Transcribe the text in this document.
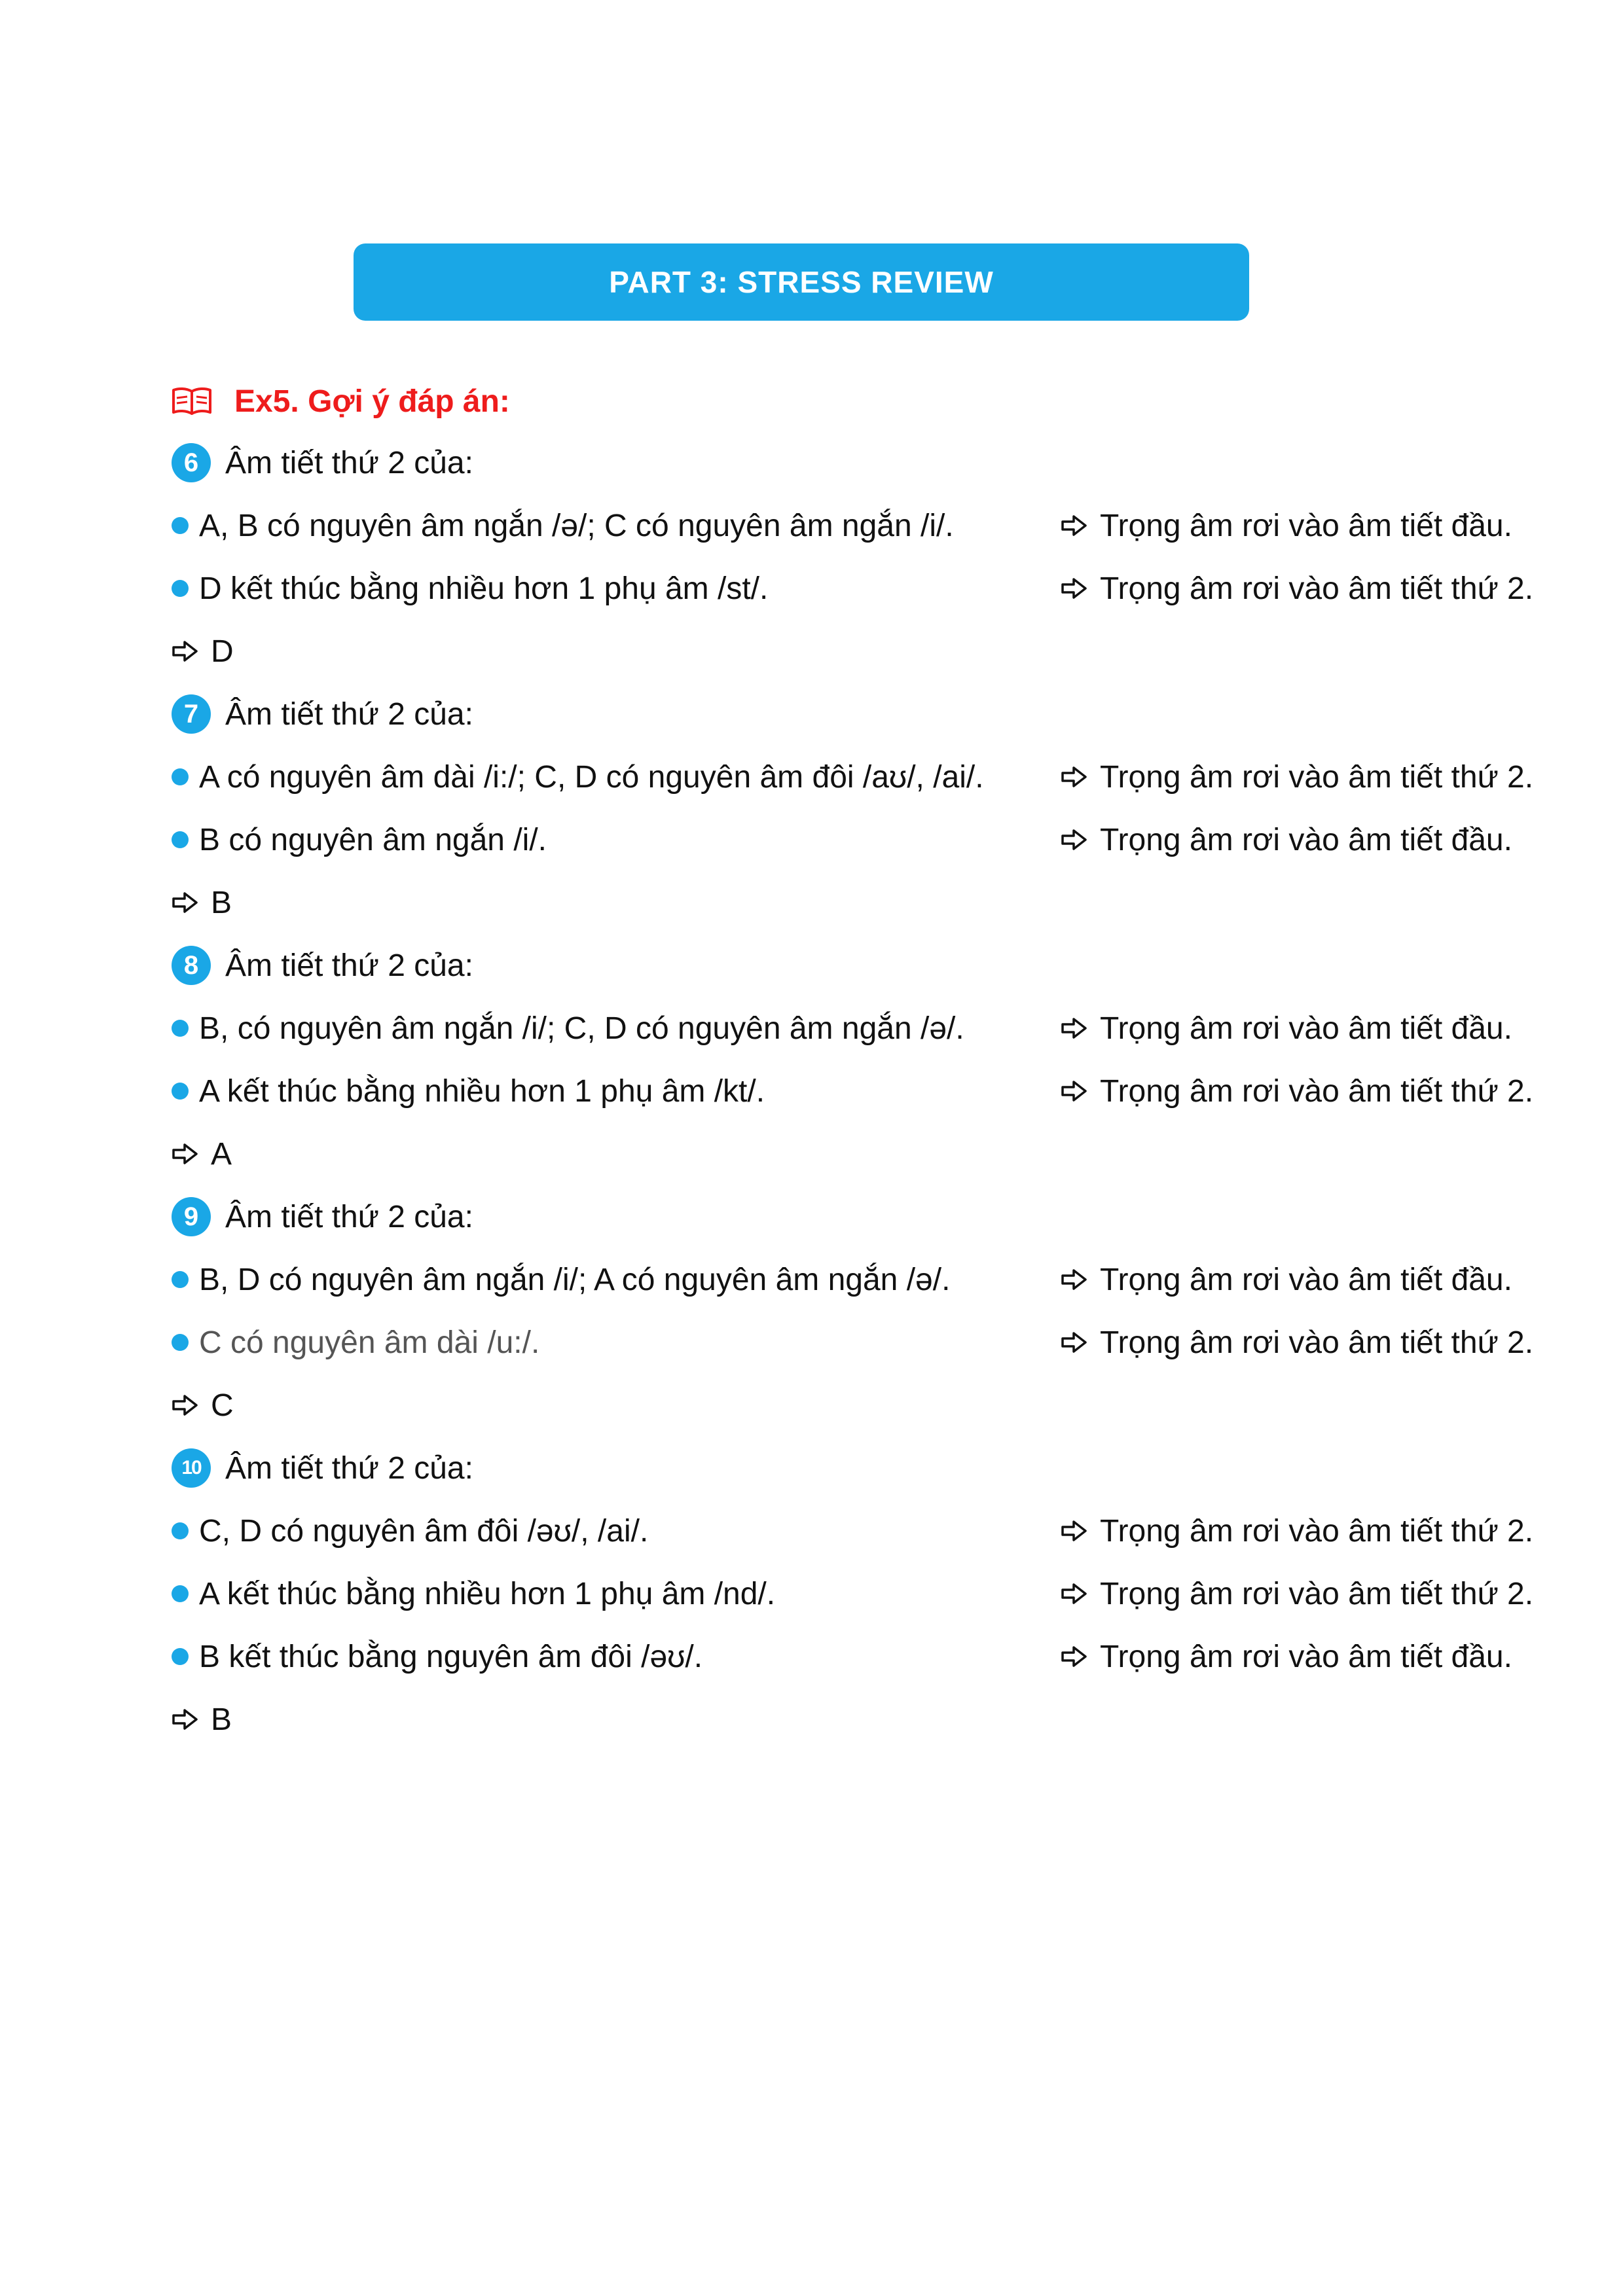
PART 3: STRESS REVIEW
Ex5. Gợi ý đáp án:
6 Âm tiết thứ 2 của:
A, B có nguyên âm ngắn /ə/; C có nguyên âm ngắn /i/.	Trọng âm rơi vào âm tiết đầu.
D kết thúc bằng nhiều hơn 1 phụ âm /st/.	Trọng âm rơi vào âm tiết thứ 2.
D
7 Âm tiết thứ 2 của:
A có nguyên âm dài /i:/; C, D có nguyên âm đôi /aʊ/, /ai/.	Trọng âm rơi vào âm tiết thứ 2.
B có nguyên âm ngắn /i/.	Trọng âm rơi vào âm tiết đầu.
B
8 Âm tiết thứ 2 của:
B, có nguyên âm ngắn /i/; C, D có nguyên âm ngắn /ə/.	Trọng âm rơi vào âm tiết đầu.
A kết thúc bằng nhiều hơn 1 phụ âm /kt/.	Trọng âm rơi vào âm tiết thứ 2.
A
9 Âm tiết thứ 2 của:
B, D có nguyên âm ngắn /i/; A có nguyên âm ngắn /ə/.	Trọng âm rơi vào âm tiết đầu.
C có nguyên âm dài /u:/.	Trọng âm rơi vào âm tiết thứ 2.
C
10 Âm tiết thứ 2 của:
C, D có nguyên âm đôi /əʊ/, /ai/.	Trọng âm rơi vào âm tiết thứ 2.
A kết thúc bằng nhiều hơn 1 phụ âm /nd/.	Trọng âm rơi vào âm tiết thứ 2.
B kết thúc bằng nguyên âm đôi /əʊ/.	Trọng âm rơi vào âm tiết đầu.
B
